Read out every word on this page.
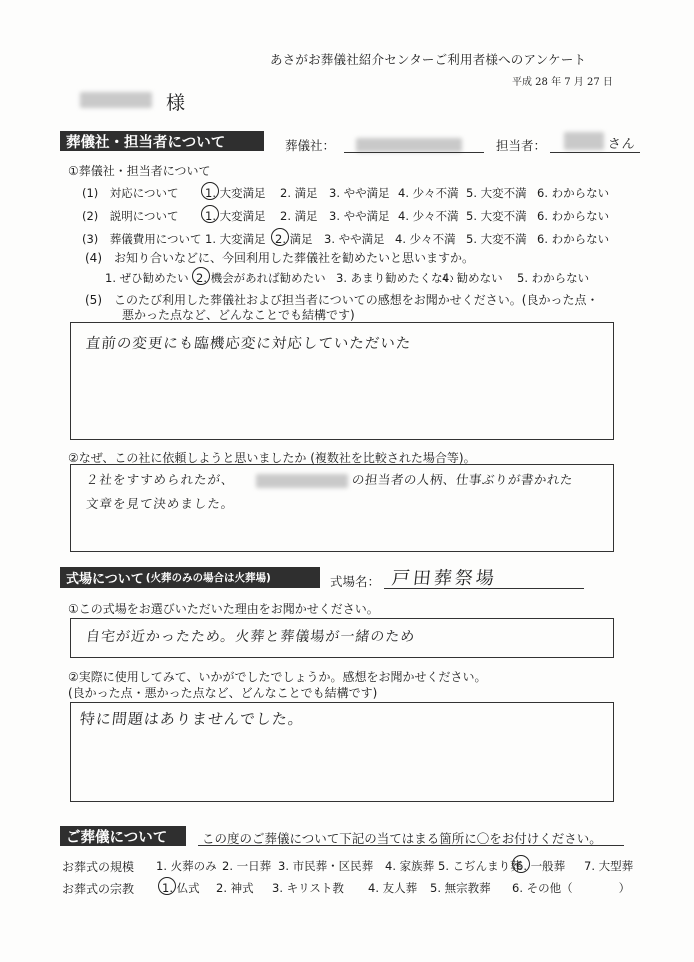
あさがお葬儀社紹介センターご利用者様へのアンケート
平成 28 年 7 月 27 日
様
葬儀社・担当者について	葬儀社：	担当者：	さん
①葬儀社・担当者について
(1)　対応について 1. 大変満足 2. 満足 3. やや満足 4. 少々不満 5. 大変不満 6. わからない
(2)　説明について 1. 大変満足 2. 満足 3. やや満足 4. 少々不満 5. 大変不満 6. わからない
(3)　葬儀費用について 1. 大変満足 2. 満足 3. やや満足 4. 少々不満 5. 大変不満 6. わからない
(4)　お知り合いなどに、今回利用した葬儀社を勧めたいと思いますか。
1. ぜひ勧めたい 2. 機会があれば勧めたい 3. あまり勧めたくない
4. 勧めない 5. わからない
(5)　このたび利用した葬儀社および担当者についての感想をお聞かせください。(良かった点・
悪かった点など、どんなことでも結構です)
直前の変更にも臨機応変に対応していただいた
②なぜ、この社に依頼しようと思いましたか (複数社を比較された場合等)。
２社をすすめられたが、	の担当者の人柄、仕事ぶりが書かれた
文章を見て決めました。
式場について (火葬のみの場合は火葬場)	式場名： 戸田葬祭場
①この式場をお選びいただいた理由をお聞かせください。
自宅が近かったため。火葬と葬儀場が一緒のため
②実際に使用してみて、いかがでしたでしょうか。感想をお聞かせください。
(良かった点・悪かった点など、どんなことでも結構です)
特に問題はありませんでした。
ご葬儀について	この度のご葬儀について下記の当てはまる箇所に〇をお付けください。
お葬式の規模 1. 火葬のみ 2. 一日葬 3. 市民葬・区民葬 4. 家族葬 5. こぢんまり葬
6. 一般葬 7. 大型葬
お葬式の宗教 1. 仏式 2. 神式 3. キリスト教 4. 友人葬 5. 無宗教葬 6. その他（　　　　）
